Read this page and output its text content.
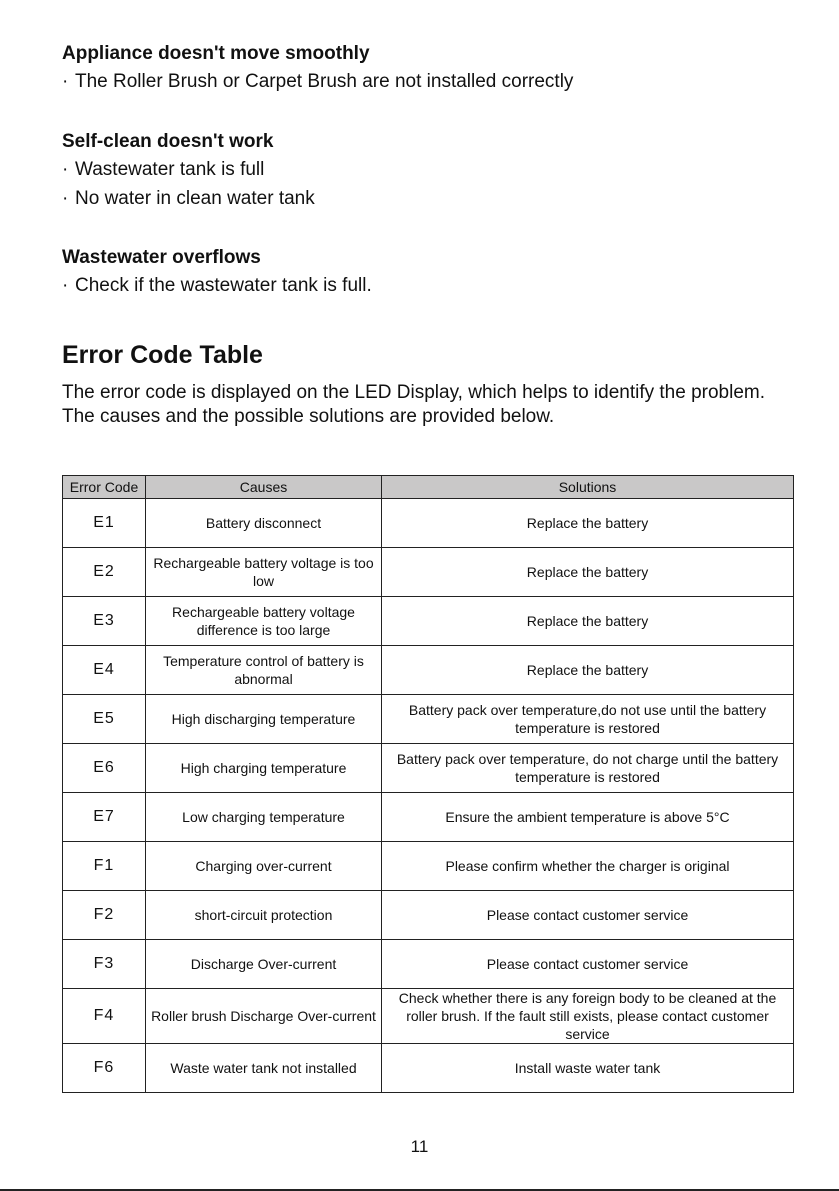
Appliance doesn't move smoothly
· The Roller Brush or Carpet Brush are not installed correctly
Self-clean doesn't work
· Wastewater tank is full
· No water in clean water tank
Wastewater overflows
· Check if the wastewater tank is full.
Error Code Table

The error code is displayed on the LED Display, which helps to identify the problem. The causes and the possible solutions are provided below.

Error Code	Causes	Solutions
E1	Battery disconnect	Replace the battery
E2	Rechargeable battery voltage is too low	Replace the battery
E3	Rechargeable battery voltage difference is too large	Replace the battery
E4	Temperature control of battery is abnormal	Replace the battery
E5	High discharging temperature	Battery pack over temperature,do not use until the battery temperature is restored
E6	High charging temperature	Battery pack over temperature, do not charge until the battery temperature is restored
E7	Low charging temperature	Ensure the ambient temperature is above 5°C
F1	Charging over-current	Please confirm whether the charger is original
F2	short-circuit protection	Please contact customer service
F3	Discharge Over-current	Please contact customer service
F4	Roller brush Discharge Over-current	Check whether there is any foreign body to be cleaned at the roller brush. If the fault still exists, please contact customer service
F6	Waste water tank not installed	Install waste water tank
11
